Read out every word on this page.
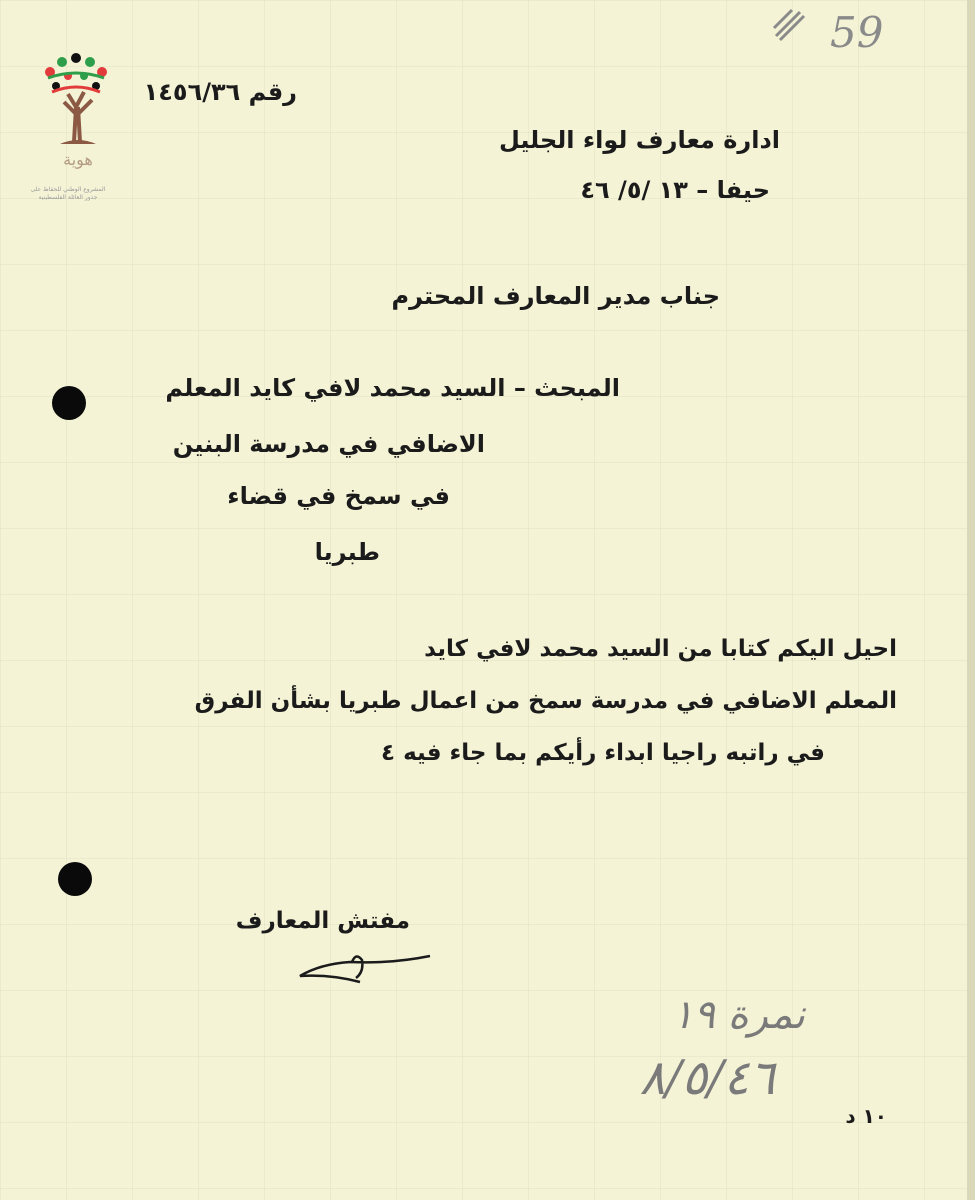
59
هوية
المشروع الوطني للحفاظ على
جذور العائلة الفلسطينية
رقم ١٤٥٦/٣٦
ادارة معارف لواء الجليل
حيفا – ١٣ /٥/ ٤٦
جناب مدير المعارف المحترم
المبحث – السيد محمد لافي كايد المعلم
الاضافي في مدرسة البنين
في سمخ في قضاء
طبريا
احيل اليكم كتابا من السيد محمد لافي كايد
المعلم الاضافي في مدرسة سمخ من اعمال طبريا بشأن الفرق
في راتبه راجيا ابداء رأيكم بما جاء فيه ٤
مفتش المعارف
نمرة ١٩
٨/٥/٤٦
١٠ د
